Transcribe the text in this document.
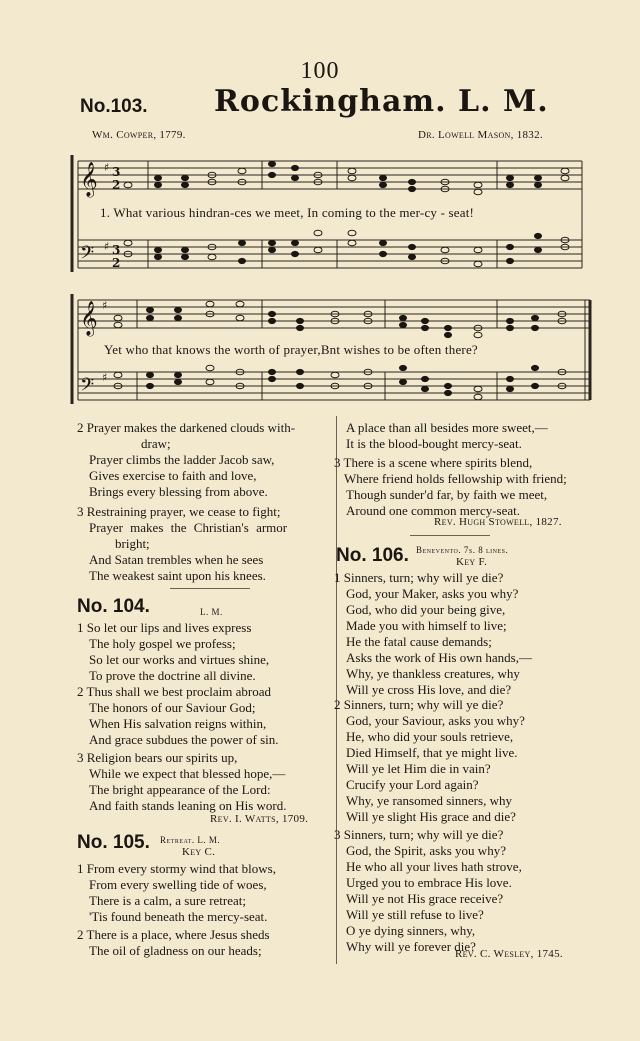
100
No.103. Rockingham. L. M.
Wm. Cowper, 1779.	Dr. Lowell Mason, 1832.
𝄞
𝄢
𝄞
𝄢
♯
♯
♯
♯
3
2
3
2
1. What various hindran-ces we meet, In coming to the mer-cy - seat!
Yet who that knows the worth of prayer,Bnt wishes to be often there?
2 Prayer makes the darkened clouds with-
draw;
Prayer climbs the ladder Jacob saw,
Gives exercise to faith and love,
Brings every blessing from above.
3 Restraining prayer, we cease to fight;
Prayer makes the Christian's armor
bright;
And Satan trembles when he sees
The weakest saint upon his knees.
No. 104.	L. M.
1 So let our lips and lives express
The holy gospel we profess;
So let our works and virtues shine,
To prove the doctrine all divine.
2 Thus shall we best proclaim abroad
The honors of our Saviour God;
When His salvation reigns within,
And grace subdues the power of sin.
3 Religion bears our spirits up,
While we expect that blessed hope,—
The bright appearance of the Lord:
And faith stands leaning on His word.
Rev. I. Watts, 1709.
No. 105. Retreat. L. M.
Key C.
1 From every stormy wind that blows,
From every swelling tide of woes,
There is a calm, a sure retreat;
'Tis found beneath the mercy-seat.
2 There is a place, where Jesus sheds
The oil of gladness on our heads;
A place than all besides more sweet,—
It is the blood-bought mercy-seat.
3 There is a scene where spirits blend,
Where friend holds fellowship with friend;
Though sunder'd far, by faith we meet,
Around one common mercy-seat.
Rev. Hugh Stowell, 1827.
No. 106. Benevento. 7s. 8 lines.
Key F.
1 Sinners, turn; why will ye die?
God, your Maker, asks you why?
God, who did your being give,
Made you with himself to live;
He the fatal cause demands;
Asks the work of His own hands,—
Why, ye thankless creatures, why
Will ye cross His love, and die?
2 Sinners, turn; why will ye die?
God, your Saviour, asks you why?
He, who did your souls retrieve,
Died Himself, that ye might live.
Will ye let Him die in vain?
Crucify your Lord again?
Why, ye ransomed sinners, why
Will ye slight His grace and die?
3 Sinners, turn; why will ye die?
God, the Spirit, asks you why?
He who all your lives hath strove,
Urged you to embrace His love.
Will ye not His grace receive?
Will ye still refuse to live?
O ye dying sinners, why,
Why will ye forever die?
Rev. C. Wesley, 1745.
